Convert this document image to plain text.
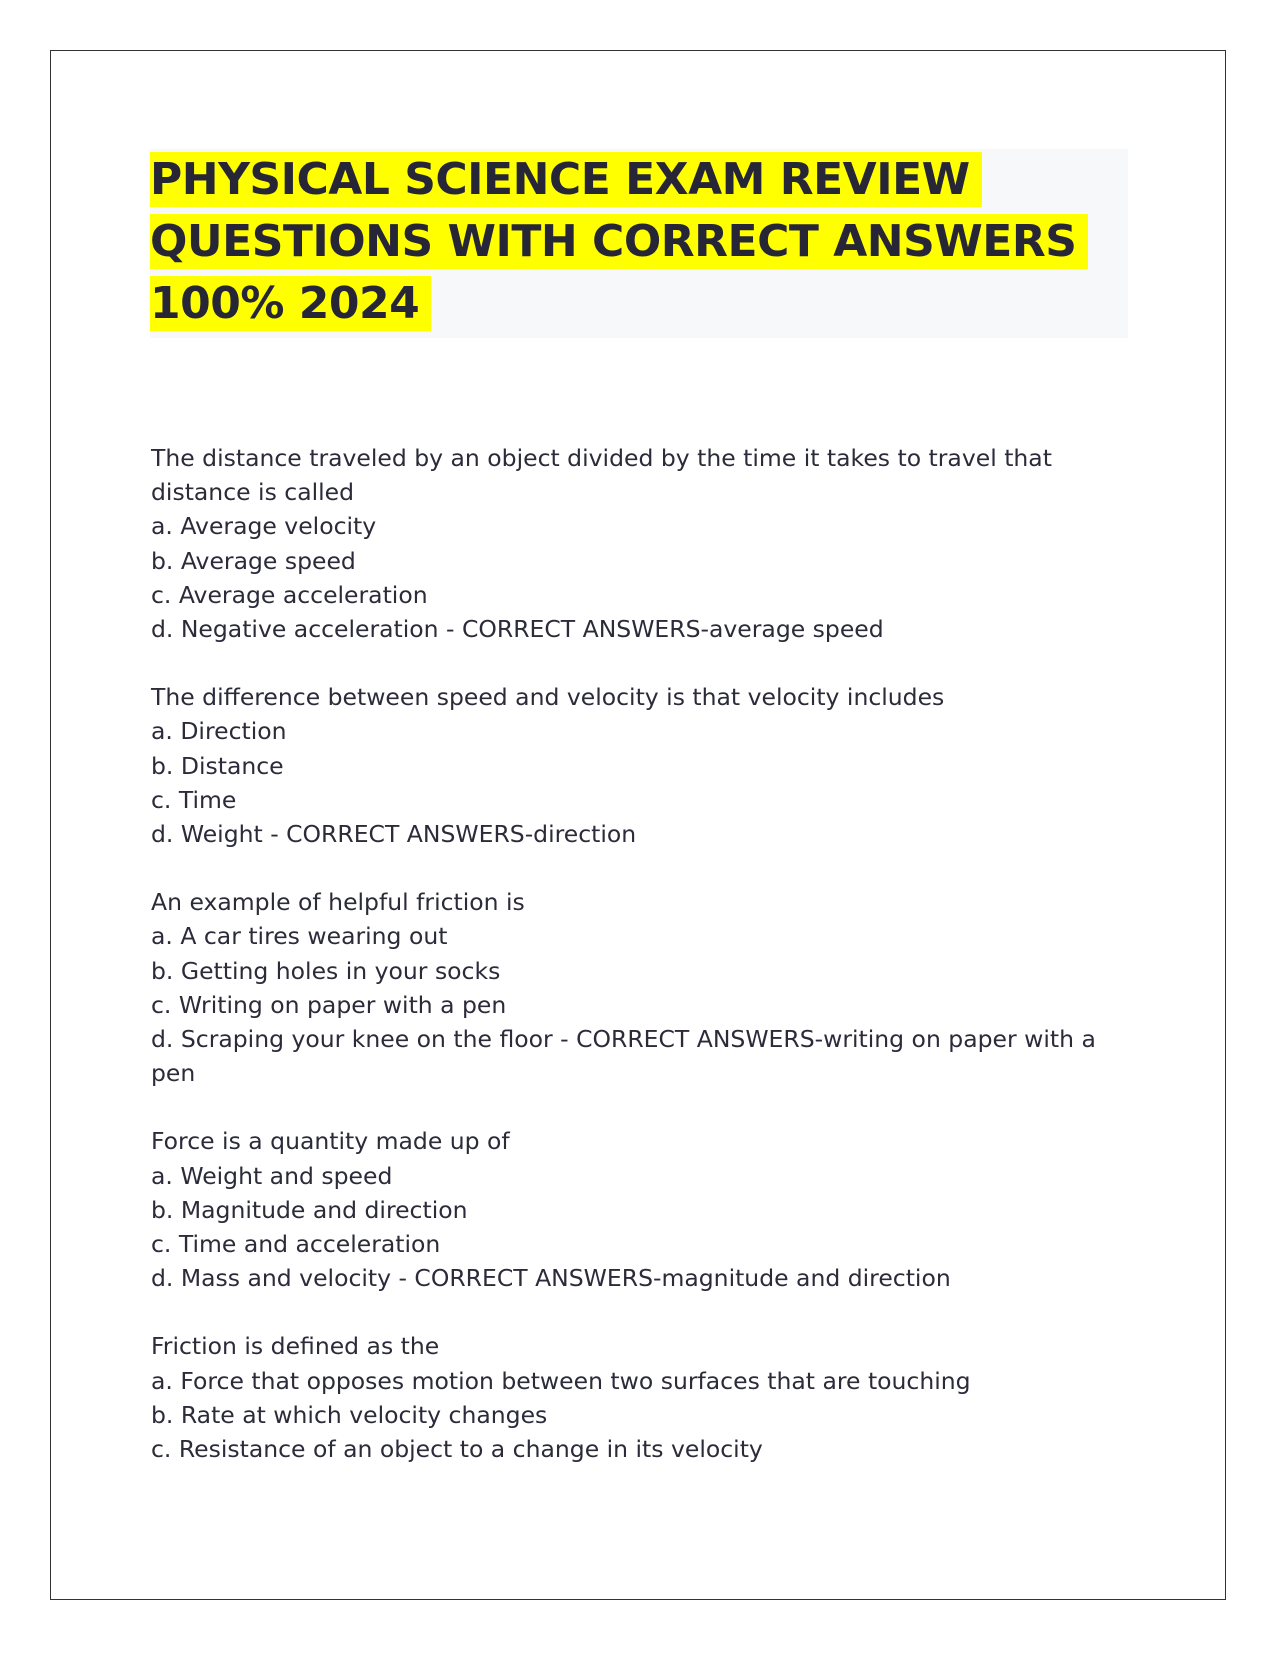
PHYSICAL SCIENCE EXAM REVIEW QUESTIONS WITH CORRECT ANSWERS 100% 2024

The distance traveled by an object divided by the time it takes to travel that distance is called

a. Average velocity

b. Average speed

c. Average acceleration

d. Negative acceleration - CORRECT ANSWERS-average speed

The difference between speed and velocity is that velocity includes

a. Direction

b. Distance

c. Time

d. Weight - CORRECT ANSWERS-direction

An example of helpful friction is

a. A car tires wearing out

b. Getting holes in your socks

c. Writing on paper with a pen

d. Scraping your knee on the floor - CORRECT ANSWERS-writing on paper with a pen

Force is a quantity made up of

a. Weight and speed

b. Magnitude and direction

c. Time and acceleration

d. Mass and velocity - CORRECT ANSWERS-magnitude and direction

Friction is defined as the

a. Force that opposes motion between two surfaces that are touching

b. Rate at which velocity changes

c. Resistance of an object to a change in its velocity
